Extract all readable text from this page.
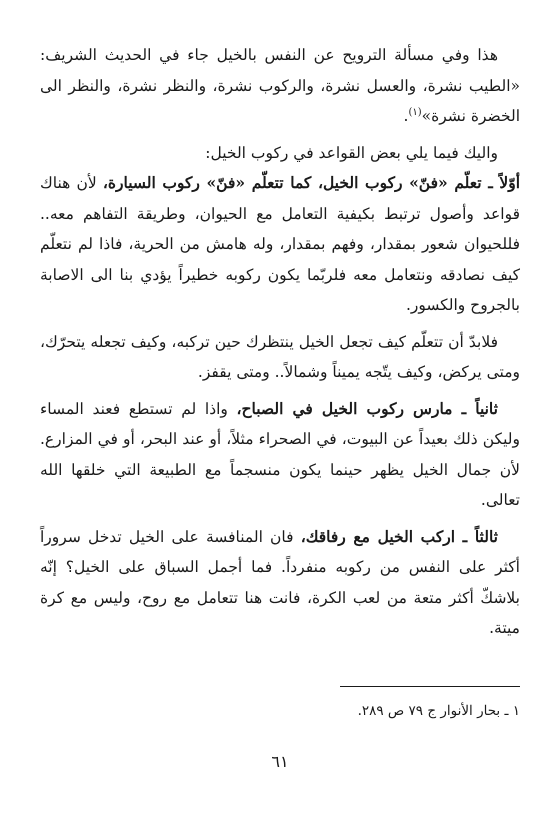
هذا وفي مسألة الترويح عن النفس بالخيل جاء في الحديث الشريف: «الطيب نشرة، والعسل نشرة، والركوب نشرة، والنظر نشرة، والنظر الى الخضرة نشرة»$^{(١)}$.

واليك فيما يلي بعض القواعد في ركوب الخيل:

أوّلاً ـ تعلّم «فنّ» ركوب الخيل، كما تتعلّم «فنّ» ركوب السيارة، لأن هناك قواعد وأصول ترتبط بكيفية التعامل مع الحيوان، وطريقة التفاهم معه.. فللحيوان شعور بمقدار، وفهم بمقدار، وله هامش من الحرية، فاذا لم نتعلّم كيف نصادقه ونتعامل معه فلربّما يكون ركوبه خطيراً يؤدي بنا الى الاصابة بالجروح والكسور.

فلابدّ أن تتعلّم كيف تجعل الخيل ينتظرك حين تركبه، وكيف تجعله يتحرّك، ومتى يركض، وكيف يتّجه يميناً وشمالاً.. ومتى يقفز.

ثانياً ـ مارس ركوب الخيل في الصباح، واذا لم تستطع فعند المساء وليكن ذلك بعيداً عن البيوت، في الصحراء مثلاً، أو عند البحر، أو في المزارع. لأن جمال الخيل يظهر حينما يكون منسجماً مع الطبيعة التي خلقها الله تعالى.

ثالثاً ـ اركب الخيل مع رفاقك، فان المنافسة على الخيل تدخل سروراً أكثر على النفس من ركوبه منفرداً. فما أجمل السباق على الخيل؟ إنّه بلاشكّ أكثر متعة من لعب الكرة، فانت هنا تتعامل مع روح، وليس مع كرة ميتة.

١ ـ بحار الأنوار ج ٧٩ ص ٢٨٩.
٦١
